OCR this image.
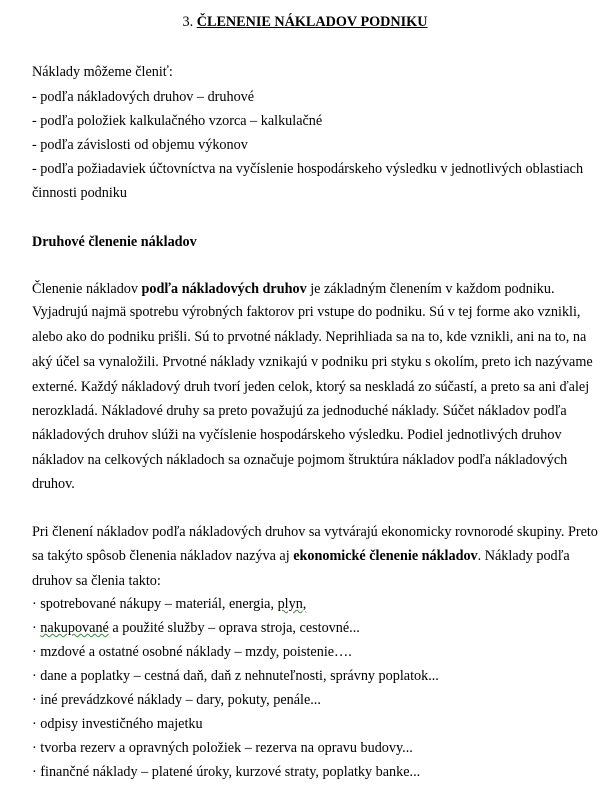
3. ČLENENIE NÁKLADOV PODNIKU
Náklady môžeme členiť:
- podľa nákladových druhov – druhové
- podľa položiek kalkulačného vzorca – kalkulačné
- podľa závislosti od objemu výkonov
- podľa požiadaviek účtovníctva na vyčíslenie hospodárskeho výsledku v jednotlivých oblastiach
činnosti podniku
Druhové členenie nákladov
Členenie nákladov podľa nákladových druhov je základným členením v každom podniku.
Vyjadrujú najmä spotrebu výrobných faktorov pri vstupe do podniku. Sú v tej forme ako vznikli,
alebo ako do podniku prišli. Sú to prvotné náklady. Neprihliada sa na to, kde vznikli, ani na to, na
aký účel sa vynaložili. Prvotné náklady vznikajú v podniku pri styku s okolím, preto ich nazývame
externé. Každý nákladový druh tvorí jeden celok, ktorý sa neskladá zo súčastí, a preto sa ani ďalej
nerozkladá. Nákladové druhy sa preto považujú za jednoduché náklady. Súčet nákladov podľa
nákladových druhov slúži na vyčíslenie hospodárskeho výsledku. Podiel jednotlivých druhov
nákladov na celkových nákladoch sa označuje pojmom štruktúra nákladov podľa nákladových
druhov.
Pri členení nákladov podľa nákladových druhov sa vytvárajú ekonomicky rovnorodé skupiny. Preto
sa takýto spôsob členenia nákladov nazýva aj ekonomické členenie nákladov. Náklady podľa
druhov sa členia takto:
· spotrebované nákupy – materiál, energia, plyn,
· nakupované a použité služby – oprava stroja, cestovné...
· mzdové a ostatné osobné náklady – mzdy, poistenie….
· dane a poplatky – cestná daň, daň z nehnuteľnosti, správny poplatok...
· iné prevádzkové náklady – dary, pokuty, penále...
· odpisy investičného majetku
· tvorba rezerv a opravných položiek – rezerva na opravu budovy...
· finančné náklady – platené úroky, kurzové straty, poplatky banke...
